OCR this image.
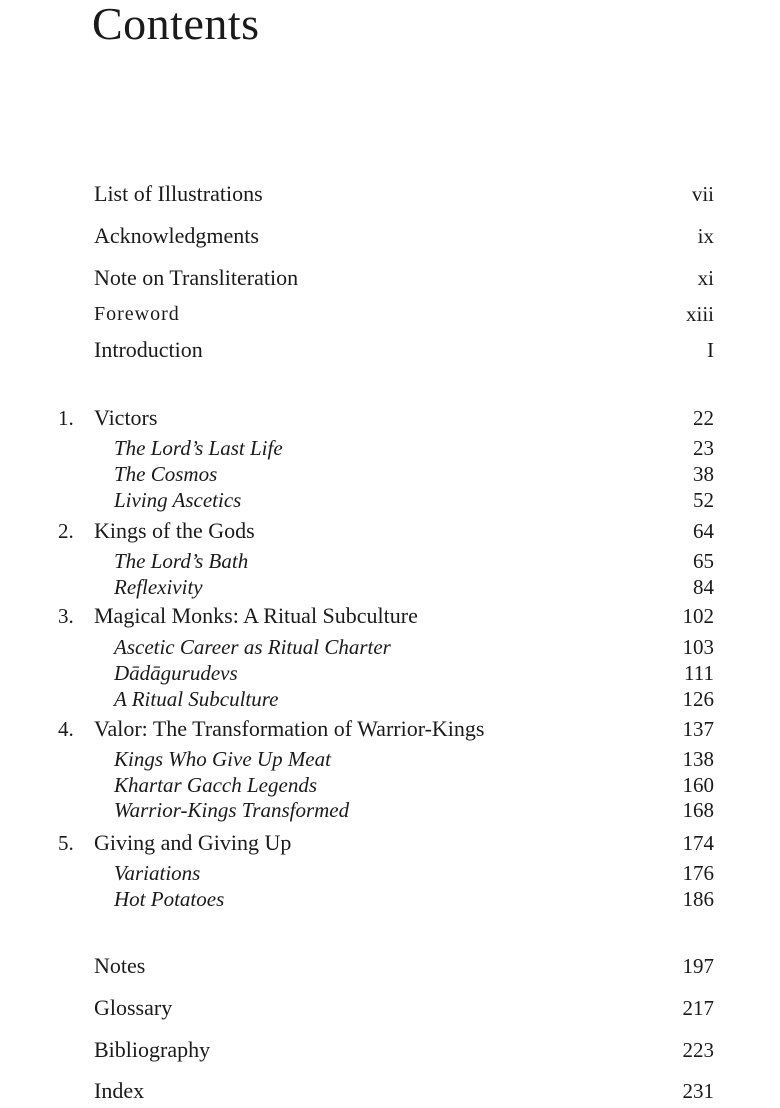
Contents
List of Illustrations	vii
Acknowledgments	ix
Note on Transliteration	xi
Foreword	xiii
Introduction	I
1. Victors	22
The Lord’s Last Life	23
The Cosmos	38
Living Ascetics	52
2. Kings of the Gods	64
The Lord’s Bath	65
Reflexivity	84
3. Magical Monks: A Ritual Subculture	102
Ascetic Career as Ritual Charter	103
Dādāgurudevs	111
A Ritual Subculture	126
4. Valor: The Transformation of Warrior-Kings	137
Kings Who Give Up Meat	138
Khartar Gacch Legends	160
Warrior-Kings Transformed	168
5. Giving and Giving Up	174
Variations	176
Hot Potatoes	186
Notes	197
Glossary	217
Bibliography	223
Index	231
